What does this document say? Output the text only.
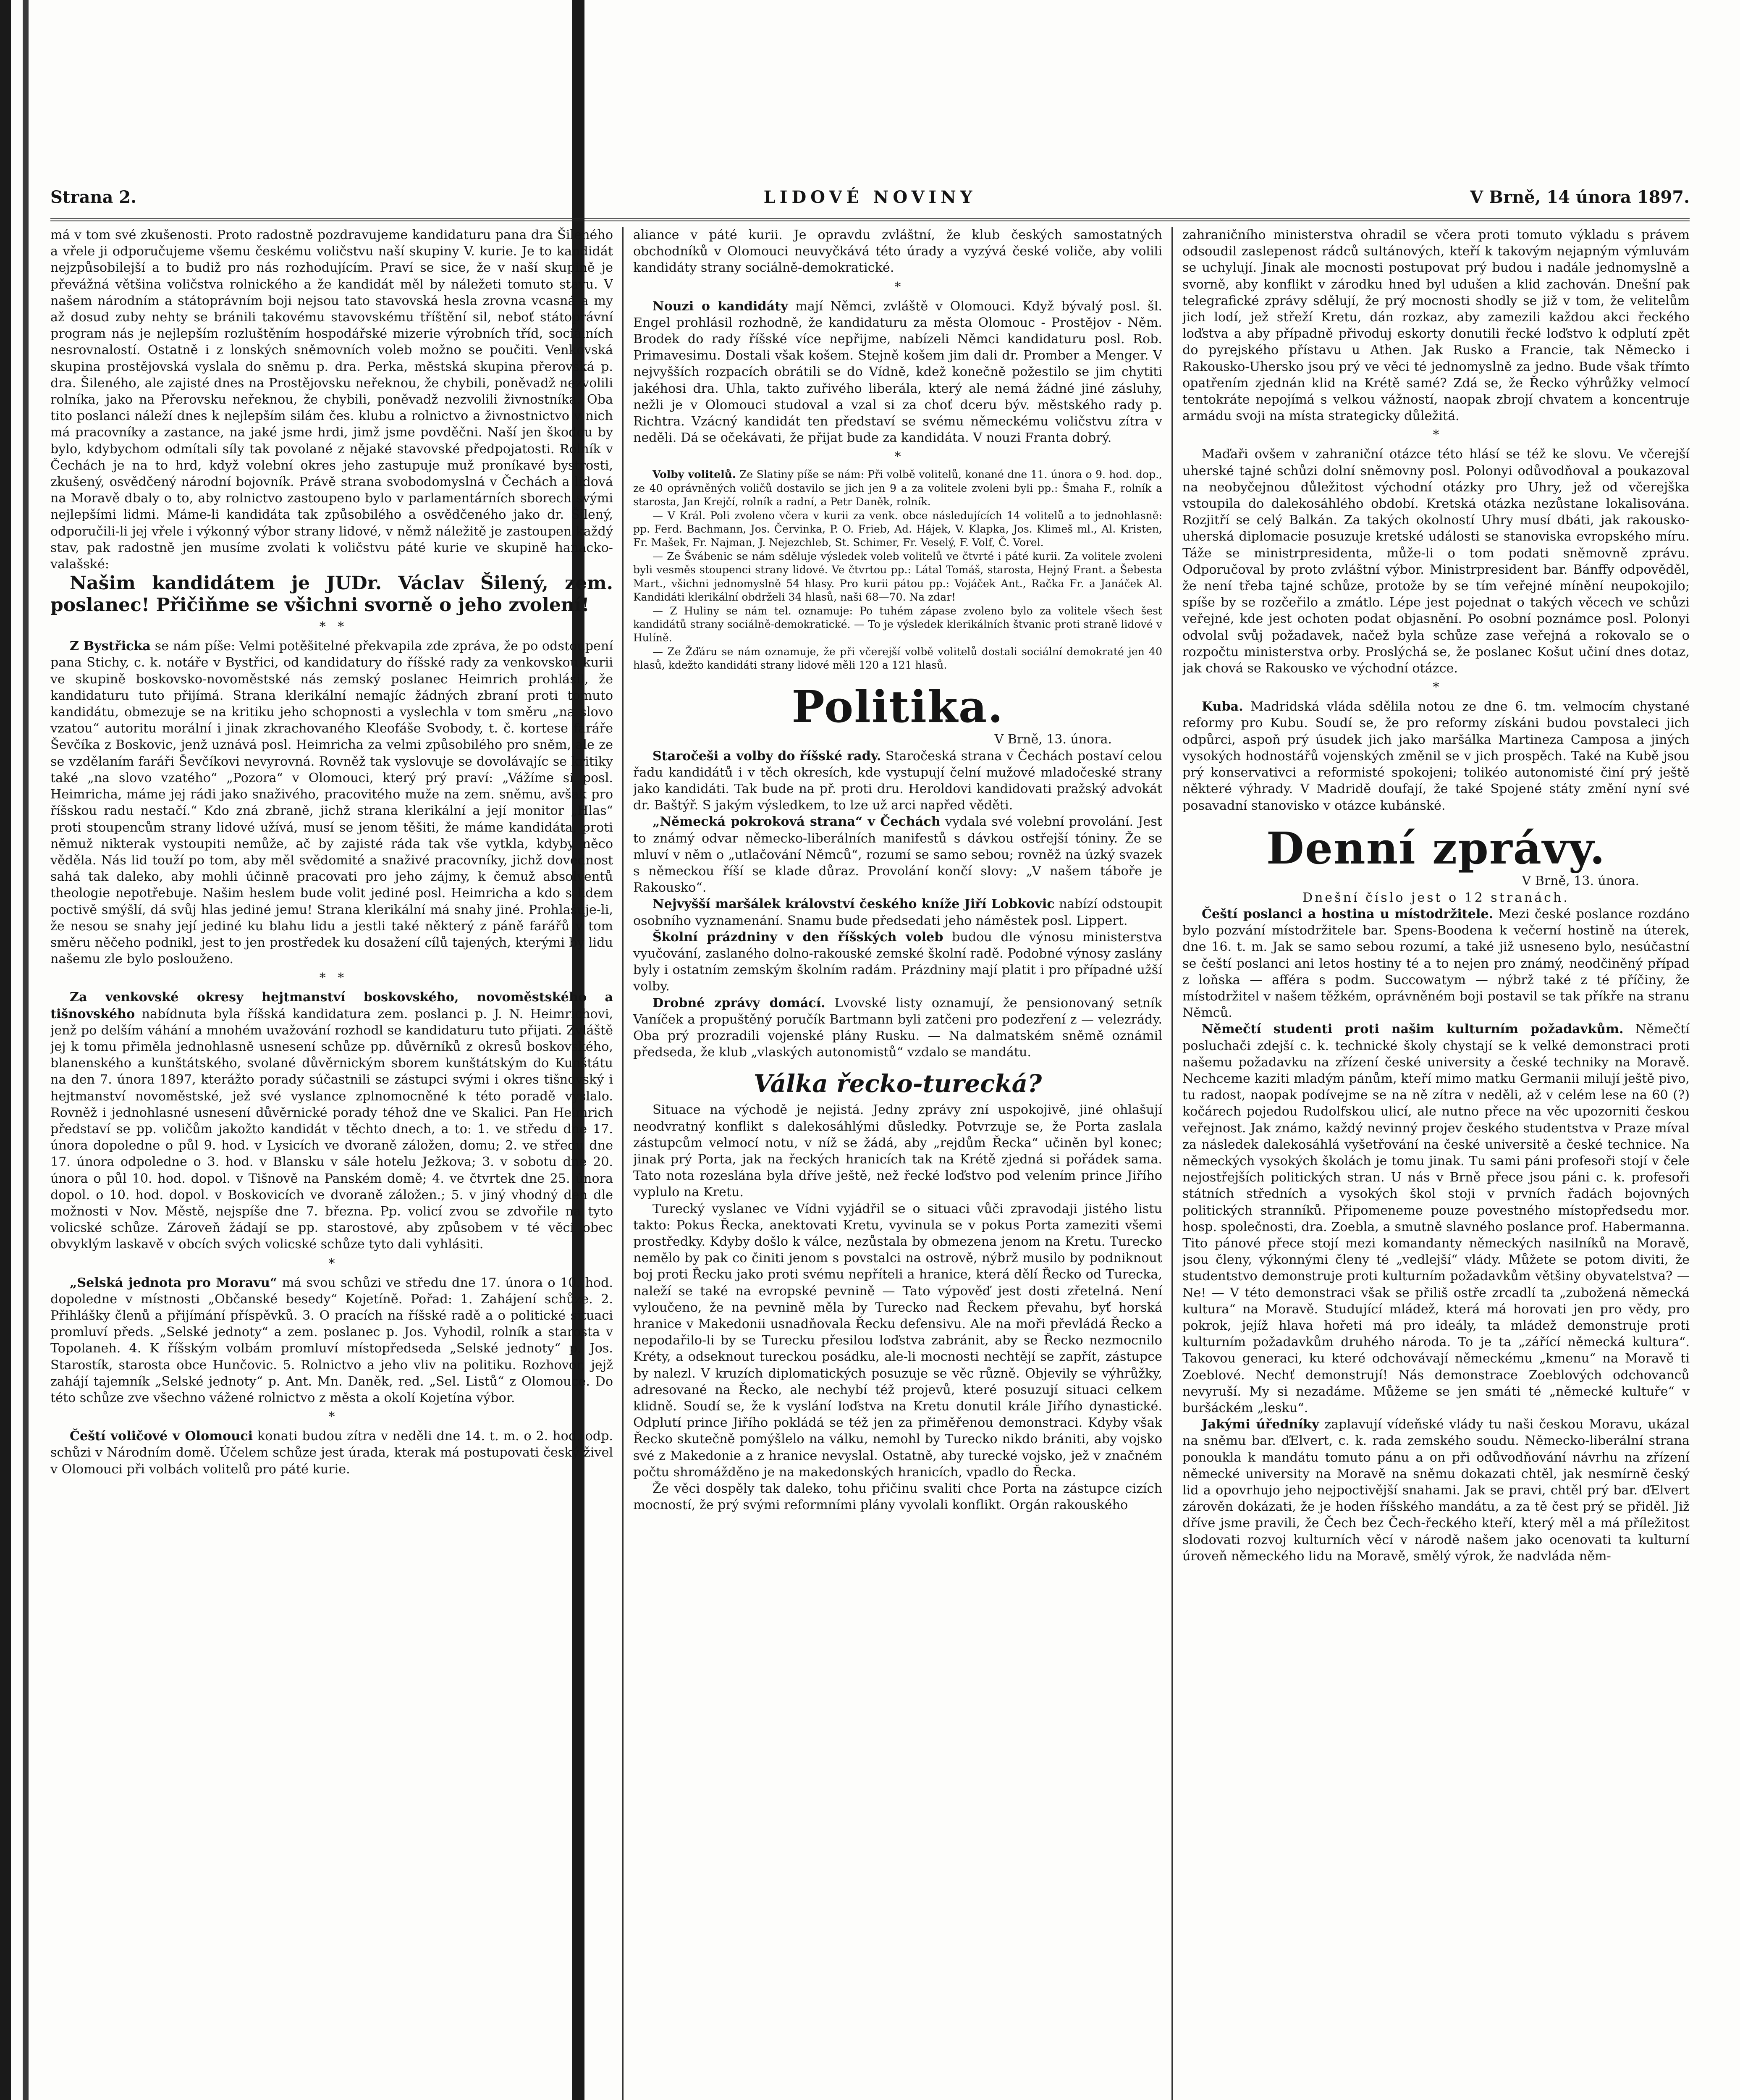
Strana 2.	LIDOVÉ NOVINY	V Brně, 14 února 1897.

má v tom své zkušenosti. Proto radostně pozdravujeme kandidaturu pana dra Šileného a vřele ji odporučujeme všemu českému voličstvu naší skupiny V. kurie. Je to kandidát nejzpůsobilejší a to budiž pro nás rozhodujícím. Praví se sice, že v naší skupině je převážná většina voličstva rolnického a že kandidát měl by náležeti tomuto stavu. V našem národním a státoprávním boji nejsou tato stavovská hesla zrovna vcasná a my až dosud zuby nehty se bránili takovému stavovskému tříštění sil, neboť státoprávní program nás je nejlepším rozluštěním hospodářské mizerie výrobních tříd, sociálních nesrovnalostí. Ostatně i z lonských sněmovních voleb možno se poučiti. Venkovská skupina prostějovská vyslala do sněmu p. dra. Perka, městská skupina přerovská p. dra. Šileného, ale zajisté dnes na Prostějovsku neřeknou, že chybili, poněvadž nezvolili rolníka, jako na Přerovsku neřeknou, že chybili, poněvadž nezvolili živnostníka. Oba tito poslanci náleží dnes k nejlepším silám čes. klubu a rolnictvo a živnostnictvo v nich má pracovníky a zastance, na jaké jsme hrdi, jimž jsme povděčni. Naší jen škodou by bylo, kdybychom odmítali síly tak povolané z nějaké stavovské předpojatosti. Rolník v Čechách je na to hrd, když volební okres jeho zastupuje muž proníkavé bystrosti, zkušený, osvědčený národní bojovník. Právě strana svobodomyslná v Čechách a lidová na Moravě dbaly o to, aby rolnictvo zastoupeno bylo v parlamentárních sborech svými nejlepšími lidmi. Máme-li kandidáta tak způsobilého a osvědčeného jako dr. Šilený, odporučili-li jej vřele i výkonný výbor strany lidové, v němž náležitě je zastoupen každý stav, pak radostně jen musíme zvolati k voličstvu páté kurie ve skupině hanácko-valašské:

Našim kandidátem je JUDr. Václav Šilený, zem. poslanec! Přičiňme se všichni svorně o jeho zvolení!

*   *

Z Bystřicka se nám píše: Velmi potěšitelné překvapila zde zpráva, že po odstoupení pana Stichy, c. k. notáře v Bystřici, od kandidatury do říšské rady za venkovskou kurii ve skupině boskovsko-novoměstské nás zemský poslanec Heimrich prohlásil, že kandidaturu tuto přijímá. Strana klerikální nemajíc žádných zbraní proti tomuto kandidátu, obmezuje se na kritiku jeho schopnosti a vyslechla v tom směru „na slovo vzatou“ autoritu morální i jinak zkrachovaného Kleofáše Svobody, t. č. kortese faráře Ševčíka z Boskovic, jenž uznává posl. Heimricha za velmi způsobilého pro sněm, ale ze se vzdělaním faráři Ševčíkovi nevyrovná. Rovněž tak vyslovuje se dovolávajíc se kritiky také „na slovo vzatého“ „Pozora“ v Olomouci, který prý praví: „Vážíme si posl. Heimricha, máme jej rádi jako snaživého, pracovitého muže na zem. sněmu, avšak pro říšskou radu nestačí.“ Kdo zná zbraně, jichž strana klerikální a její monitor „Hlas“ proti stoupencům strany lidové užívá, musí se jenom těšiti, že máme kandidáta, proti němuž nikterak vystoupiti nemůže, ač by zajisté ráda tak vše vytkla, kdyby něco věděla. Nás lid touží po tom, aby měl svědomité a snaživé pracovníky, jichž dovednost sahá tak daleko, aby mohli účinně pracovati pro jeho zájmy, k čemuž absolventů theologie nepotřebuje. Našim heslem bude volit jediné posl. Heimricha a kdo s lidem poctivě smýšlí, dá svůj hlas jediné jemu! Strana klerikální má snahy jiné. Prohlašuje-li, že nesou se snahy její jediné ku blahu lidu a jestli také některý z páně farářů v tom směru něčeho podnikl, jest to jen prostředek ku dosažení cílů tajených, kterými by lidu našemu zle bylo poslouženo.

*   *

Za venkovské okresy hejtmanství boskovského, novoměstského a tišnovského nabídnuta byla říšská kandidatura zem. poslanci p. J. N. Heimrichovi, jenž po delším váhání a mnohém uvažování rozhodl se kandidaturu tuto přijati. Zvláště jej k tomu přiměla jednohlasně usnesení schůze pp. důvěrníků z okresů boskovského, blanenského a kunštátského, svolané důvěrnickým sborem kunštátským do Kunštátu na den 7. února 1897, kterážto porady súčastnili se zástupci svými i okres tišnovský i hejtmanství novoměstské, jež své vyslance zplnomocněné k této poradě vyslalo. Rovněž i jednohlasné usnesení důvěrnické porady téhož dne ve Skalici. Pan Heimrich představí se pp. voličům jakožto kandidát v těchto dnech, a to: 1. ve středu dne 17. února dopoledne o půl 9. hod. v Lysicích ve dvoraně záložen, domu; 2. ve středu dne 17. února odpoledne o 3. hod. v Blansku v sále hotelu Ježkova; 3. v sobotu dne 20. února o půl 10. hod. dopol. v Tišnově na Panském domě; 4. ve čtvrtek dne 25. února dopol. o 10. hod. dopol. v Boskovicích ve dvoraně záložen.; 5. v jiný vhodný den dle možnosti v Nov. Městě, nejspíše dne 7. března. Pp. volicí zvou se zdvořile na tyto volicské schůze. Zároveň žádají se pp. starostové, aby způsobem v té věci obec obvyklým laskavě v obcích svých volicské schůze tyto dali vyhlásiti.

*

„Selská jednota pro Moravu“ má svou schůzi ve středu dne 17. února o 10. hod. dopoledne v místnosti „Občanské besedy“ Kojetíně. Pořad: 1. Zahájení schůze. 2. Přihlášky členů a přijímání příspěvků. 3. O pracích na říšské radě a o politické situaci promluví předs. „Selské jednoty“ a zem. poslanec p. Jos. Vyhodil, rolník a starosta v Topolaneh. 4. K říšským volbám promluví místopředseda „Selské jednoty“ p. Jos. Starostík, starosta obce Hunčovic. 5. Rolnictvo a jeho vliv na politiku. Rozhovor, jejž zahájí tajemník „Selské jednoty“ p. Ant. Mn. Daněk, red. „Sel. Listů“ z Olomouce. Do této schůze zve všechno vážené rolnictvo z města a okolí Kojetína výbor.

*

Čeští voličové v Olomouci konati budou zítra v neděli dne 14. t. m. o 2. hod. odp. schůzi v Národním domě. Účelem schůze jest úrada, kterak má postupovati český živel v Olomouci při volbách volitelů pro páté kurie.

aliance v páté kurii. Je opravdu zvláštní, že klub českých samostatných obchodníků v Olomouci neuvyčkává této úrady a vyzývá české voliče, aby volili kandidáty strany sociálně-demokratické.

*

Nouzi o kandidáty mají Němci, zvláště v Olomouci. Když bývalý posl. šl. Engel prohlásil rozhodně, že kandidaturu za města Olomouc - Prostějov - Něm. Brodek do rady říšské více nepřijme, nabízeli Němci kandidaturu posl. Rob. Primavesimu. Dostali však košem. Stejně košem jim dali dr. Promber a Menger. V nejvyšších rozpacích obrátili se do Vídně, kdež konečně požestilo se jim chytiti jakéhosi dra. Uhla, takto zuřivého liberála, který ale nemá žádné jiné zásluhy, nežli je v Olomouci studoval a vzal si za choť dceru býv. městského rady p. Richtra. Vzácný kandidát ten představí se svému německému voličstvu zítra v neděli. Dá se očekávati, že přijat bude za kandidáta. V nouzi Franta dobrý.

*

Volby volitelů. Ze Slatiny píše se nám: Při volbě volitelů, konané dne 11. února o 9. hod. dop., ze 40 oprávněných voličů dostavilo se jich jen 9 a za volitele zvoleni byli pp.: Šmaha F., rolník a starosta, Jan Krejčí, rolník a radní, a Petr Daněk, rolník.

— V Král. Poli zvoleno včera v kurii za venk. obce následujících 14 volitelů a to jednohlasně: pp. Ferd. Bachmann, Jos. Červinka, P. O. Frieb, Ad. Hájek, V. Klapka, Jos. Klimeš ml., Al. Kristen, Fr. Mašek, Fr. Najman, J. Nejezchleb, St. Schimer, Fr. Veselý, F. Volf, Č. Vorel.

— Ze Švábenic se nám sděluje výsledek voleb volitelů ve čtvrté i páté kurii. Za volitele zvoleni byli vesměs stoupenci strany lidové. Ve čtvrtou pp.: Látal Tomáš, starosta, Hejný Frant. a Šebesta Mart., všichni jednomyslně 54 hlasy. Pro kurii pátou pp.: Vojáček Ant., Račka Fr. a Janáček Al. Kandidáti klerikální obdrželi 34 hlasů, naši 68—70. Na zdar!

— Z Huliny se nám tel. oznamuje: Po tuhém zápase zvoleno bylo za volitele všech šest kandidátů strany sociálně-demokratické. — To je výsledek klerikálních štvanic proti straně lidové v Hulíně.

— Ze Žďáru se nám oznamuje, že při včerejší volbě volitelů dostali sociální demokraté jen 40 hlasů, kdežto kandidáti strany lidové měli 120 a 121 hlasů.

Politika.
V Brně, 13. února.

Staročeši a volby do říšské rady. Staročeská strana v Čechách postaví celou řadu kandidátů i v těch okresích, kde vystupují čelní mužové mladočeské strany jako kandidáti. Tak bude na př. proti dru. Heroldovi kandidovati pražský advokát dr. Baštýř. S jakým výsledkem, to lze už arci napřed věděti.

„Německá pokroková strana“ v Čechách vydala své volební provolání. Jest to známý odvar německo-liberálních manifestů s dávkou ostřejší tóniny. Že se mluví v něm o „utlačování Němců“, rozumí se samo sebou; rovněž na úzký svazek s německou říší se klade důraz. Provolání končí slovy: „V našem táboře je Rakousko“.

Nejvyšší maršálek království českého kníže Jiří Lobkovic nabízí odstoupit osobního vyznamenání. Snamu bude předsedati jeho náměstek posl. Lippert.

Školní prázdniny v den říšských voleb budou dle výnosu ministerstva vyučování, zaslaného dolno-rakouské zemské školní radě. Podobné výnosy zaslány byly i ostatním zemským školním radám. Prázdniny mají platit i pro případné užší volby.

Drobné zprávy domácí. Lvovské listy oznamují, že pensionovaný setník Vaníček a propuštěný poručík Bartmann byli zatčeni pro podezření z — velezrády. Oba prý prozradili vojenské plány Rusku. — Na dalmatském sněmě oznámil předseda, že klub „vlaských autonomistů“ vzdalo se mandátu.

Válka řecko-turecká?

Situace na východě je nejistá. Jedny zprávy zní uspokojivě, jiné ohlašují neodvratný konflikt s dalekosáhlými důsledky. Potvrzuje se, že Porta zaslala zástupcům velmocí notu, v níž se žádá, aby „rejdům Řecka“ učiněn byl konec; jinak prý Porta, jak na řeckých hranicích tak na Krétě zjedná si pořádek sama. Tato nota rozeslána byla dříve ještě, než řecké loďstvo pod velením prince Jiřího vyplulo na Kretu.

Turecký vyslanec ve Vídni vyjádřil se o situaci vůči zpravodaji jistého listu takto: Pokus Řecka, anektovati Kretu, vyvinula se v pokus Porta zameziti všemi prostředky. Kdyby došlo k válce, nezůstala by obmezena jenom na Kretu. Turecko nemělo by pak co činiti jenom s povstalci na ostrově, nýbrž musilo by podniknout boj proti Řecku jako proti svému nepříteli a hranice, která dělí Řecko od Turecka, naleží se také na evropské pevnině — Tato výpověď jest dosti zřetelná. Není vyloučeno, že na pevnině měla by Turecko nad Řeckem převahu, byť horská hranice v Makedonii usnadňovala Řecku defensivu. Ale na moři převládá Řecko a nepodařilo-li by se Turecku přesilou loďstva zabránit, aby se Řecko nezmocnilo Kréty, a odseknout tureckou posádku, ale-li mocnosti nechtějí se zapřít, zástupce by nalezl. V kruzích diplomatických posuzuje se věc různě. Objevily se výhrůžky, adresované na Řecko, ale nechybí též projevů, které posuzují situaci celkem klidně. Soudí se, že k vyslání loďstva na Kretu donutil krále Jiřího dynastické. Odplutí prince Jiřího pokládá se též jen za přiměřenou demonstraci. Kdyby však Řecko skutečně pomýšlelo na válku, nemohl by Turecko nikdo brániti, aby vojsko své z Makedonie a z hranice nevyslal. Ostatně, aby turecké vojsko, jež v značném počtu shromážděno je na makedonských hranicích, vpadlo do Řecka.

Že věci dospěly tak daleko, tohu přičinu svaliti chce Porta na zástupce cizích mocností, že prý svými reformními plány vyvolali konflikt. Orgán rakouského

zahraničního ministerstva ohradil se včera proti tomuto výkladu s právem odsoudil zaslepenost rádců sultánových, kteří k takovým nejapným výmluvám se uchylují. Jinak ale mocnosti postupovat prý budou i nadále jednomyslně a svorně, aby konflikt v zárodku hned byl udušen a klid zachován. Dnešní pak telegrafické zprávy sdělují, že prý mocnosti shodly se již v tom, že velitelům jich lodí, jež střeží Kretu, dán rozkaz, aby zamezili každou akci řeckého loďstva a aby případně přivoduj eskorty donutili řecké loďstvo k odplutí zpět do pyrejského přístavu u Athen. Jak Rusko a Francie, tak Německo i Rakousko-Uhersko jsou prý ve věci té jednomyslně za jedno. Bude však třímto opatřením zjednán klid na Krétě samé? Zdá se, že Řecko výhrůžky velmocí tentokráte nepojímá s velkou vážností, naopak zbrojí chvatem a koncentruje armádu svoji na místa strategicky důležitá.

*

Maďaři ovšem v zahraniční otázce této hlásí se též ke slovu. Ve včerejší uherské tajné schůzi dolní sněmovny posl. Polonyi odůvodňoval a poukazoval na neobyčejnou důležitost východní otázky pro Uhry, jež od včerejška vstoupila do dalekosáhlého období. Kretská otázka nezůstane lokalisována. Rozjitří se celý Balkán. Za takých okolností Uhry musí dbáti, jak rakousko-uherská diplomacie posuzuje kretské události se stanoviska evropského míru. Táže se ministrpresidenta, může-li o tom podati sněmovně zprávu. Odporučoval by proto zvláštní výbor. Ministrpresident bar. Bánffy odpověděl, že není třeba tajné schůze, protože by se tím veřejné mínění neupokojilo; spíše by se rozčeřilo a zmátlo. Lépe jest pojednat o takých věcech ve schůzi veřejné, kde jest ochoten podat objasnění. Po osobní poznámce posl. Polonyi odvolal svůj požadavek, načež byla schůze zase veřejná a rokovalo se o rozpočtu ministerstva orby. Proslýchá se, že poslanec Košut učiní dnes dotaz, jak chová se Rakousko ve východní otázce.

*

Kuba. Madridská vláda sdělila notou ze dne 6. tm. velmocím chystané reformy pro Kubu. Soudí se, že pro reformy získáni budou povstaleci jich odpůrci, aspoň prý úsudek jich jako maršálka Martineza Camposa a jiných vysokých hodnostářů vojenských změnil se v jich prospěch. Také na Kubě jsou prý konservativci a reformisté spokojeni; tolikéo autonomisté činí prý ještě některé výhrady. V Madridě doufají, že také Spojené státy změní nyní své posavadní stanovisko v otázce kubánské.

Denní zprávy.
V Brně, 13. února.
Dnešní číslo jest o 12 stranách.

Čeští poslanci a hostina u místodržitele. Mezi české poslance rozdáno bylo pozvání místodržitele bar. Spens-Boodena k večerní hostině na úterek, dne 16. t. m. Jak se samo sebou rozumí, a také již usneseno bylo, nesúčastní se čeští poslanci ani letos hostiny té a to nejen pro známý, neodčiněný případ z loňska — afféra s podm. Succowatym — nýbrž také z té příčiny, že místodržitel v našem těžkém, oprávněném boji postavil se tak příkře na stranu Němců.

Němečtí studenti proti našim kulturním požadavkům. Němečtí posluchači zdejší c. k. technické školy chystají se k velké demonstraci proti našemu požadavku na zřízení české university a české techniky na Moravě. Nechceme kaziti mladým pánům, kteří mimo matku Germanii milují ještě pivo, tu radost, naopak podívejme se na ně zítra v neděli, až v celém lese na 60 (?) kočárech pojedou Rudolfskou ulicí, ale nutno přece na věc upozorniti českou veřejnost. Jak známo, každý nevinný projev českého studentstva v Praze míval za následek dalekosáhlá vyšetřování na české universitě a české technice. Na německých vysokých školách je tomu jinak. Tu sami páni profesoři stojí v čele nejostřejších politických stran. U nás v Brně přece jsou páni c. k. profesoři státních středních a vysokých škol stoji v prvních řadách bojovných politických stranníků. Připomeneme pouze povestného místopředsedu mor. hosp. společnosti, dra. Zoebla, a smutně slavného poslance prof. Habermanna. Tito pánové přece stojí mezi komandanty německých nasilníků na Moravě, jsou členy, výkonnými členy té „vedlejší“ vlády. Můžete se potom diviti, že studentstvo demonstruje proti kulturním požadavkům většiny obyvatelstva? — Ne! — V této demonstraci však se přiliš ostře zrcadlí ta „zubožená německá kultura“ na Moravě. Studující mládež, která má horovati jen pro vědy, pro pokrok, jejíž hlava hořeti má pro ideály, ta mládež demonstruje proti kulturním požadavkům druhého národa. To je ta „zářící německá kultura“. Takovou generaci, ku které odchovávají německému „kmenu“ na Moravě ti Zoeblové. Nechť demonstrují! Nás demonstrace Zoeblových odchovanců nevyruší. My si nezadáme. Můžeme se jen smáti té „německé kultuře“ v buršáckém „lesku“.

Jakými úředníky zaplavují vídeňské vlády tu naši českou Moravu, ukázal na sněmu bar. ďElvert, c. k. rada zemského soudu. Německo-liberální strana ponoukla k mandátu tomuto pánu a on při odůvodňování návrhu na zřízení německé university na Moravě na sněmu dokazati chtěl, jak nesmírně český lid a opovrhujo jeho nejpoctivější snahami. Jak se pravi, chtěl prý bar. ďElvert zárověn dokázati, že je hoden říšského mandátu, a za tě čest prý se přiděl. Již dříve jsme pravili, že Čech bez Čech-řeckého kteří, který měl a má příležitost slodovati rozvoj kulturních věcí v národě našem jako ocenovati ta kulturní úroveň německého lidu na Moravě, smělý výrok, že nadvláda něm-
